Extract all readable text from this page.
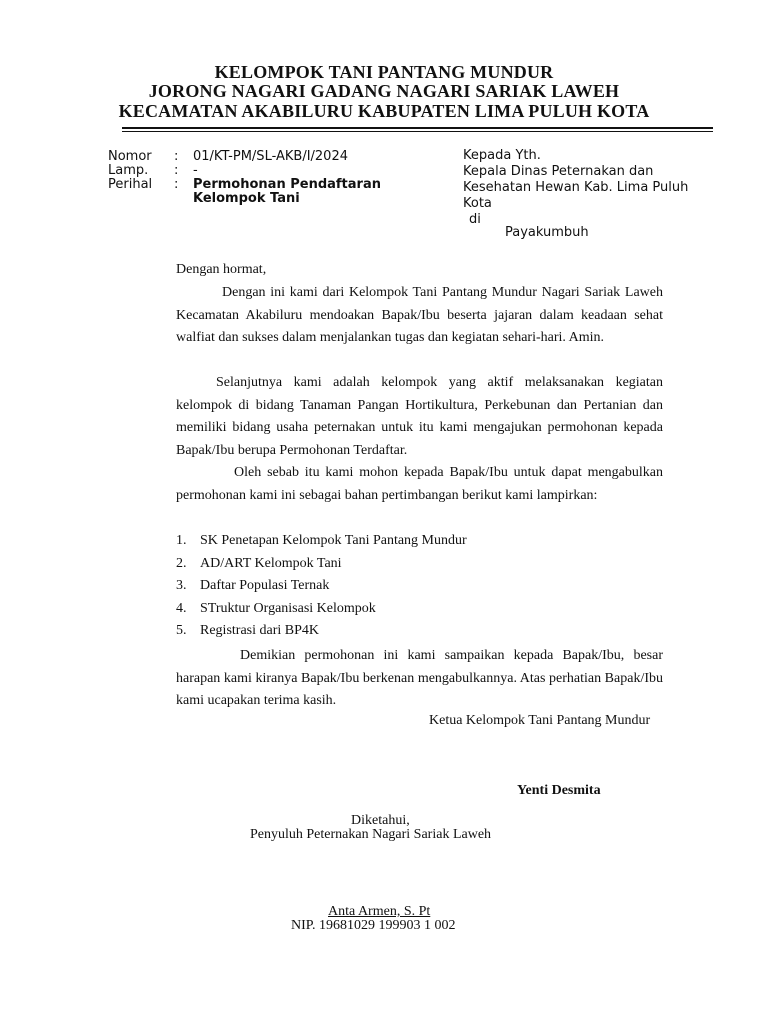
KELOMPOK TANI PANTANG MUNDUR
JORONG NAGARI GADANG NAGARI SARIAK LAWEH
KECAMATAN AKABILURU KABUPATEN LIMA PULUH KOTA
Nomor : 01/KT-PM/SL-AKB/I/2024
Lamp. : -
Perihal : Permohonan Pendaftaran
Kelompok Tani
Kepada Yth.
Kepala Dinas Peternakan dan
Kesehatan Hewan Kab. Lima Puluh
Kota
di
Payakumbuh
Dengan hormat,

Dengan ini kami dari Kelompok Tani Pantang Mundur Nagari Sariak Laweh Kecamatan Akabiluru mendoakan Bapak/Ibu beserta jajaran dalam keadaan sehat walfiat dan sukses dalam menjalankan tugas dan kegiatan sehari-hari. Amin.

Selanjutnya kami adalah kelompok yang aktif melaksanakan kegiatan kelompok di bidang Tanaman Pangan Hortikultura, Perkebunan dan Pertanian dan memiliki bidang usaha peternakan untuk itu kami mengajukan permohonan kepada Bapak/Ibu berupa Permohonan Terdaftar.

Oleh sebab itu kami mohon kepada Bapak/Ibu untuk dapat mengabulkan permohonan kami ini sebagai bahan pertimbangan berikut kami lampirkan:

1. SK Penetapan Kelompok Tani Pantang Mundur
2. AD/ART Kelompok Tani
3. Daftar Populasi Ternak
4. STruktur Organisasi Kelompok
5. Registrasi dari BP4K

Demikian permohonan ini kami sampaikan kepada Bapak/Ibu, besar harapan kami kiranya Bapak/Ibu berkenan mengabulkannya. Atas perhatian Bapak/Ibu kami ucapakan terima kasih.

Ketua Kelompok Tani Pantang Mundur
Yenti Desmita
Diketahui,
Penyuluh Peternakan Nagari Sariak Laweh
Anta Armen, S. Pt
NIP. 19681029 199903 1 002
